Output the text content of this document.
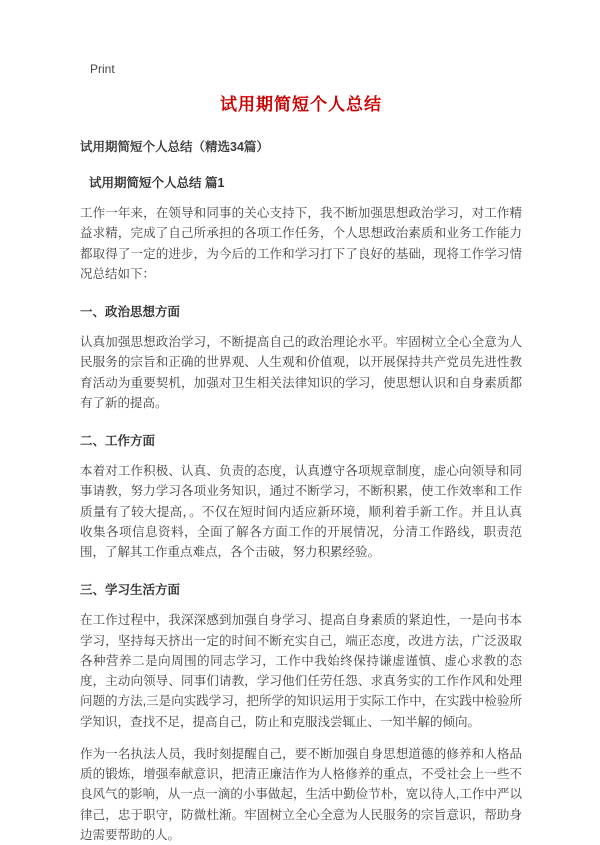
Print
试用期简短个人总结
试用期简短个人总结（精选34篇）
试用期简短个人总结 篇1

工作一年来，在领导和同事的关心支持下，我不断加强思想政治学习，对工作精益求精，完成了自己所承担的各项工作任务，个人思想政治素质和业务工作能力都取得了一定的进步，为今后的工作和学习打下了良好的基础，现将工作学习情况总结如下：

一、政治思想方面

认真加强思想政治学习，不断提高自己的政治理论水平。牢固树立全心全意为人民服务的宗旨和正确的世界观、人生观和价值观，以开展保持共产党员先进性教育活动为重要契机，加强对卫生相关法律知识的学习，使思想认识和自身素质都有了新的提高。

二、工作方面

本着对工作积极、认真、负责的态度，认真遵守各项规章制度，虚心向领导和同事请教，努力学习各项业务知识，通过不断学习，不断积累，使工作效率和工作质量有了较大提高，。不仅在短时间内适应新环境，顺利着手新工作。并且认真收集各项信息资料，全面了解各方面工作的开展情况，分清工作路线，职责范围，了解其工作重点难点，各个击破，努力积累经验。

三、学习生活方面

在工作过程中，我深深感到加强自身学习、提高自身素质的紧迫性，一是向书本学习，坚持每天挤出一定的时间不断充实自己，端正态度，改进方法，广泛汲取各种营养二是向周围的同志学习，工作中我始终保持谦虚谨慎、虚心求教的态度，主动向领导、同事们请教，学习他们任劳任怨、求真务实的工作作风和处理问题的方法,三是向实践学习，把所学的知识运用于实际工作中，在实践中检验所学知识，查找不足，提高自己，防止和克服浅尝辄止、一知半解的倾向。

作为一名执法人员，我时刻提醒自己，要不断加强自身思想道德的修养和人格品质的锻炼，增强奉献意识，把清正廉洁作为人格修养的重点，不受社会上一些不良风气的影响，从一点一滴的小事做起，生活中勤俭节朴，宽以待人,工作中严以律己，忠于职守，防微杜渐。牢固树立全心全意为人民服务的宗旨意识，帮助身边需要帮助的人。
